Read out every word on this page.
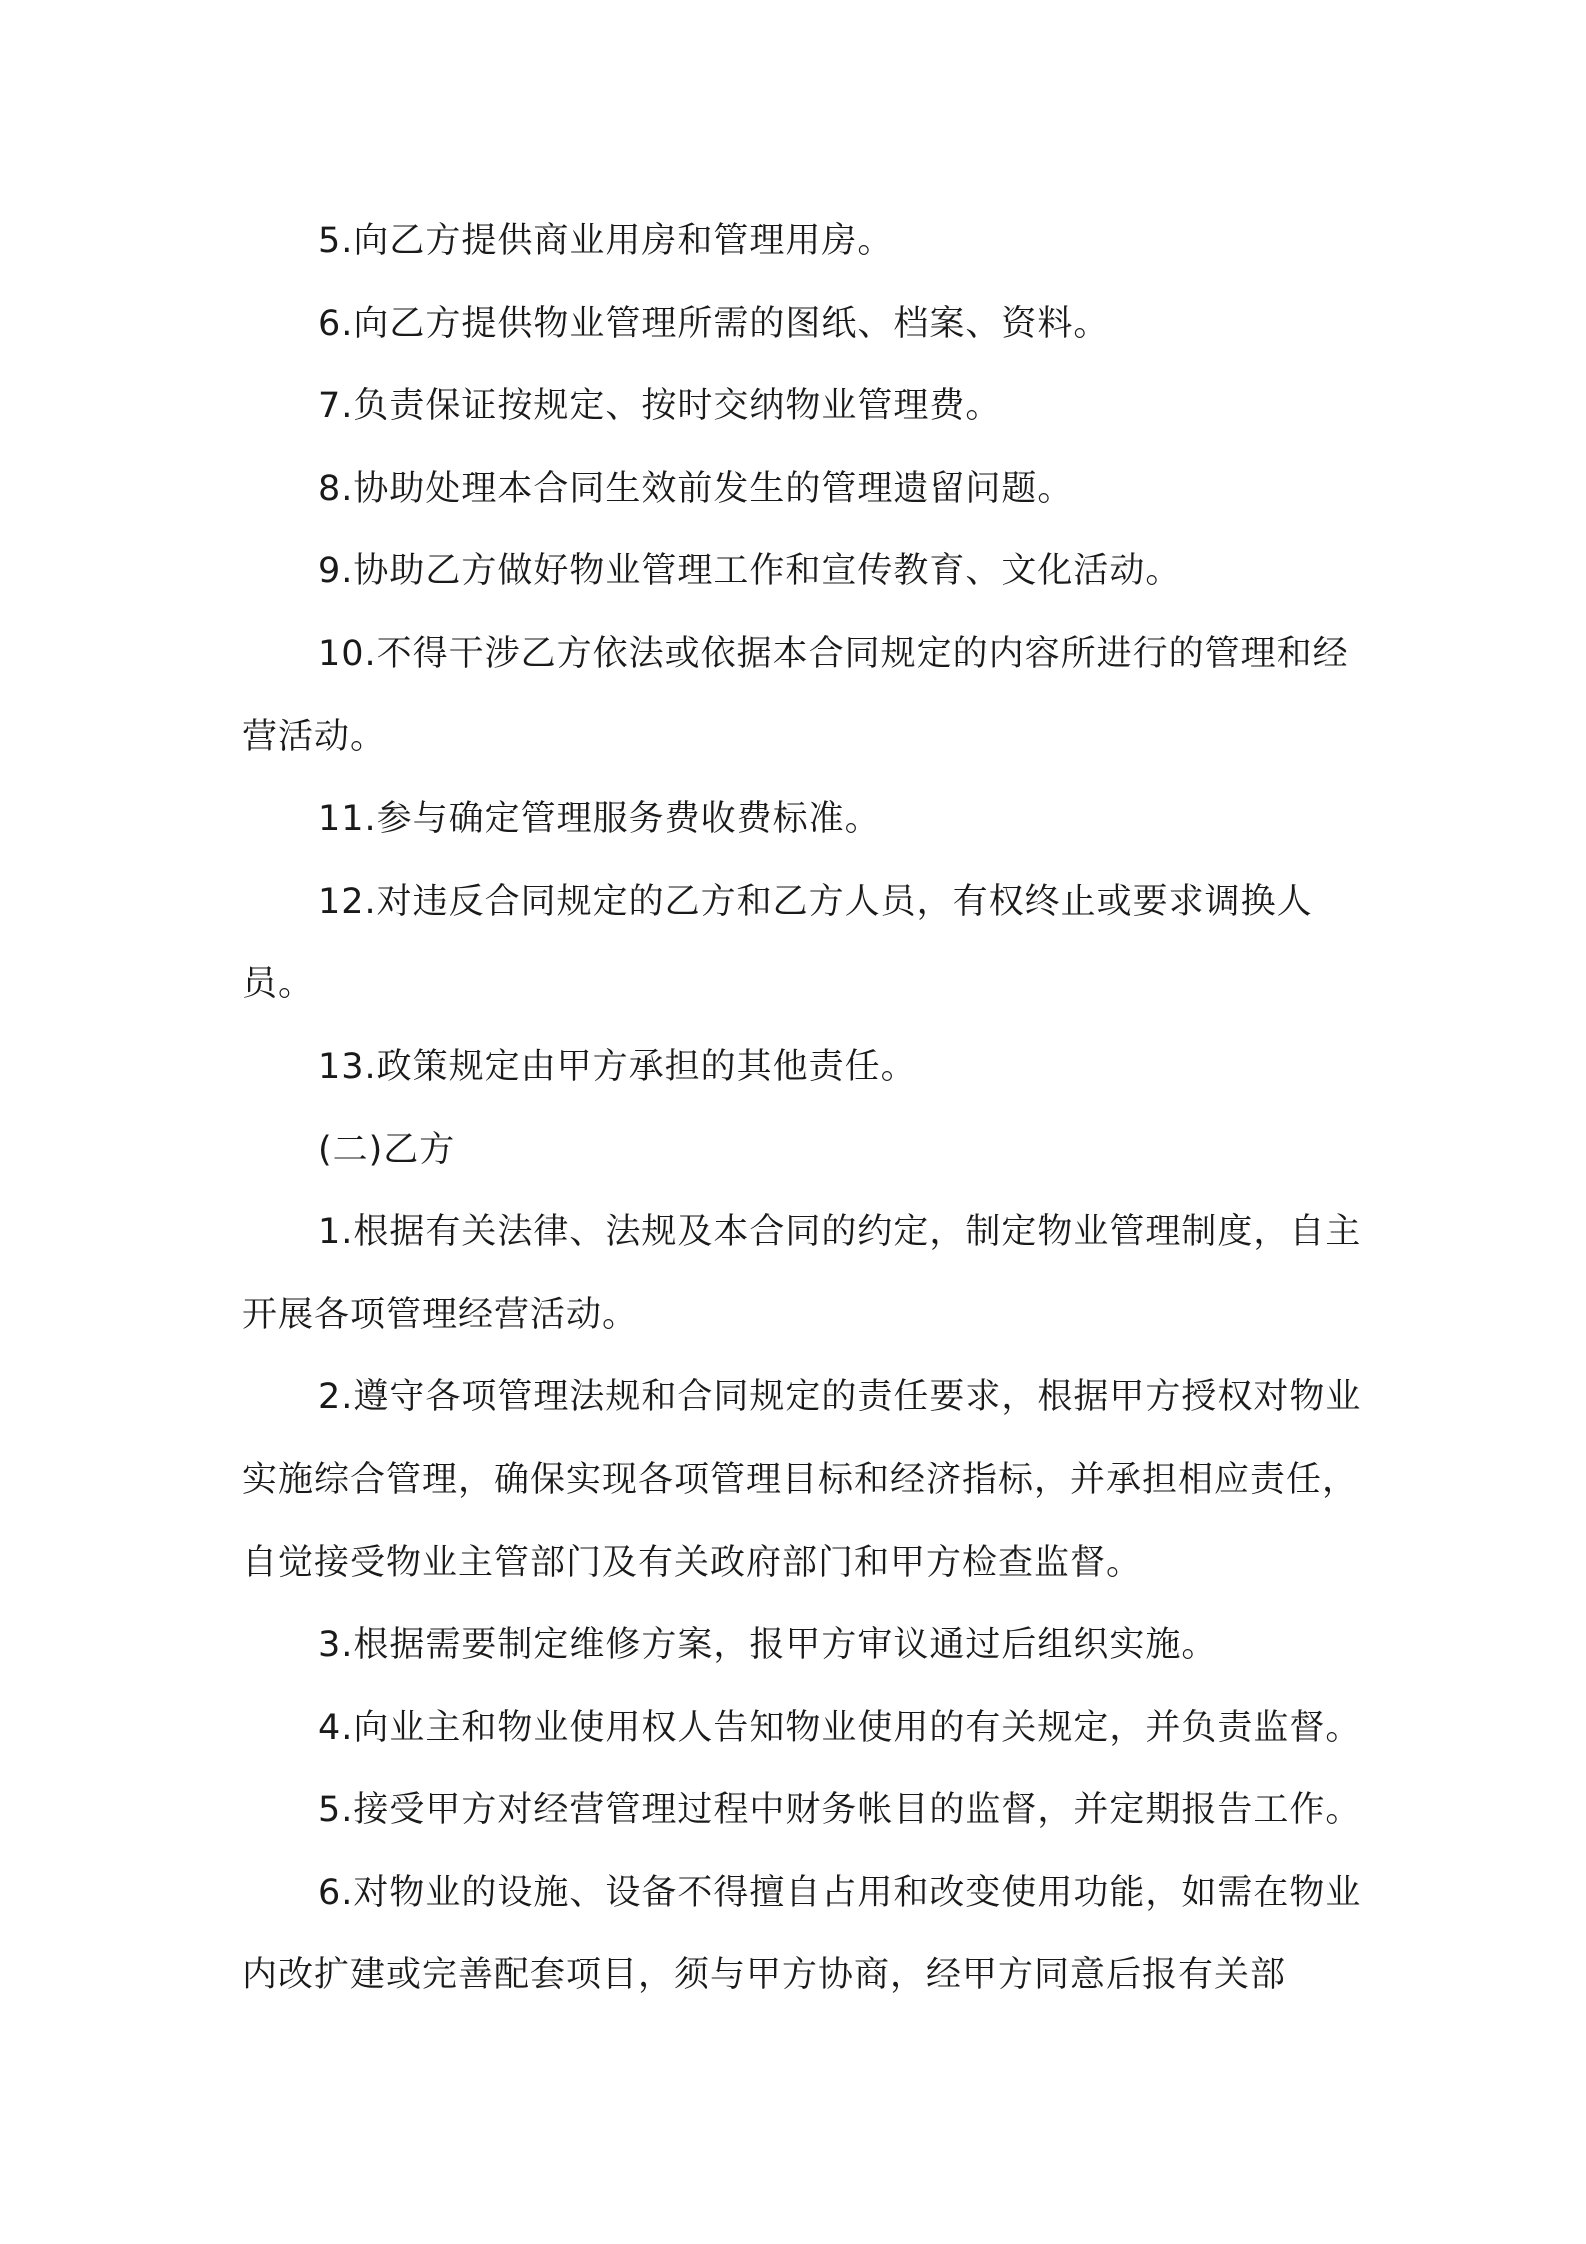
5.向乙方提供商业用房和管理用房。

6.向乙方提供物业管理所需的图纸、档案、资料。

7.负责保证按规定、按时交纳物业管理费。

8.协助处理本合同生效前发生的管理遗留问题。

9.协助乙方做好物业管理工作和宣传教育、文化活动。

10.不得干涉乙方依法或依据本合同规定的内容所进行的管理和经营活动。

11.参与确定管理服务费收费标准。

12.对违反合同规定的乙方和乙方人员，有权终止或要求调换人员。

13.政策规定由甲方承担的其他责任。

(二)乙方

1.根据有关法律、法规及本合同的约定，制定物业管理制度，自主开展各项管理经营活动。

2.遵守各项管理法规和合同规定的责任要求，根据甲方授权对物业实施综合管理，确保实现各项管理目标和经济指标，并承担相应责任，自觉接受物业主管部门及有关政府部门和甲方检查监督。

3.根据需要制定维修方案，报甲方审议通过后组织实施。

4.向业主和物业使用权人告知物业使用的有关规定，并负责监督。

5.接受甲方对经营管理过程中财务帐目的监督，并定期报告工作。

6.对物业的设施、设备不得擅自占用和改变使用功能，如需在物业内改扩建或完善配套项目，须与甲方协商，经甲方同意后报有关部
